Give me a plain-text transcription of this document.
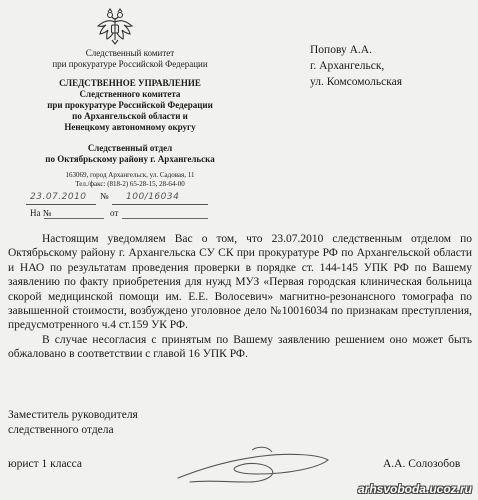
Следственный комитет
при прокуратуре Российской Федерации
СЛЕДСТВЕННОЕ УПРАВЛЕНИЕ
Следственного комитета
при прокуратуре Российской Федерации
по Архангельской области и
Ненецкому автономному округу
Следственный отдел
по Октябрьскому району г. Архангельска
163069, город Архангельск, ул. Садовая, 11
Тел./факс: (818-2) 65-28-15, 28-64-00
23.07.2010 № 100/16034
На №	от
Попову А.А.
г. Архангельск,
ул. Комсомольская

Настоящим уведомляем Вас о том, что 23.07.2010 следственным отделом по Октябрьскому району г. Архангельска СУ СК при прокуратуре РФ по Архангельской области и НАО по результатам проведения проверки в порядке ст. 144-145 УПК РФ по Вашему заявлению по факту приобретения для нужд МУЗ «Первая городская клиническая больница скорой медицинской помощи им. Е.Е. Волосевич» магнитно-резонансного томографа по завышенной стоимости, возбуждено уголовное дело №10016034 по признакам преступления, предусмотренного ч.4 ст.159 УК РФ.

В случае несогласия с принятым по Вашему заявлению решением оно может быть обжаловано в соответствии с главой 16 УПК РФ.

Заместитель руководителя
следственного отдела
юрист 1 класса	А.А. Солозобов
arhsvoboda.ucoz.ru
